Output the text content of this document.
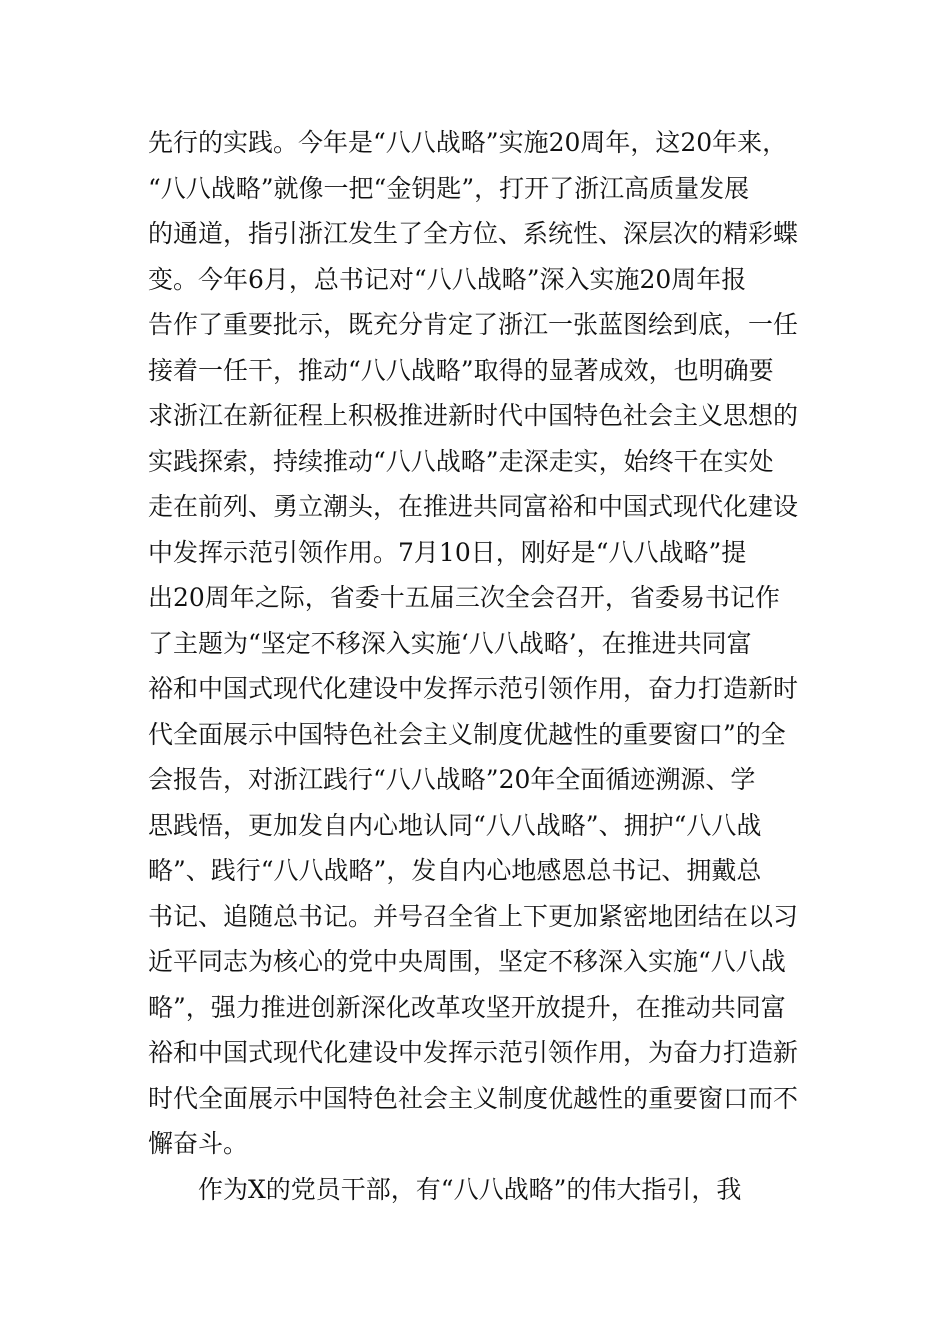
先行的实践。今年是“八八战略”实施20周年，这20年来，
“八八战略”就像一把“金钥匙”，打开了浙江高质量发展
的通道，指引浙江发生了全方位、系统性、深层次的精彩蝶
变。今年6月，总书记对“八八战略”深入实施20周年报
告作了重要批示，既充分肯定了浙江一张蓝图绘到底，一任
接着一任干，推动“八八战略”取得的显著成效，也明确要
求浙江在新征程上积极推进新时代中国特色社会主义思想的
实践探索，持续推动“八八战略”走深走实，始终干在实处
走在前列、勇立潮头，在推进共同富裕和中国式现代化建设
中发挥示范引领作用。7月10日，刚好是“八八战略”提
出20周年之际，省委十五届三次全会召开，省委易书记作
了主题为“坚定不移深入实施‘八八战略’，在推进共同富
裕和中国式现代化建设中发挥示范引领作用，奋力打造新时
代全面展示中国特色社会主义制度优越性的重要窗口”的全
会报告，对浙江践行“八八战略”20年全面循迹溯源、学
思践悟，更加发自内心地认同“八八战略”、拥护“八八战
略”、践行“八八战略”，发自内心地感恩总书记、拥戴总
书记、追随总书记。并号召全省上下更加紧密地团结在以习
近平同志为核心的党中央周围，坚定不移深入实施“八八战
略”，强力推进创新深化改革攻坚开放提升，在推动共同富
裕和中国式现代化建设中发挥示范引领作用，为奋力打造新
时代全面展示中国特色社会主义制度优越性的重要窗口而不
懈奋斗。
作为X的党员干部，有“八八战略”的伟大指引，我
